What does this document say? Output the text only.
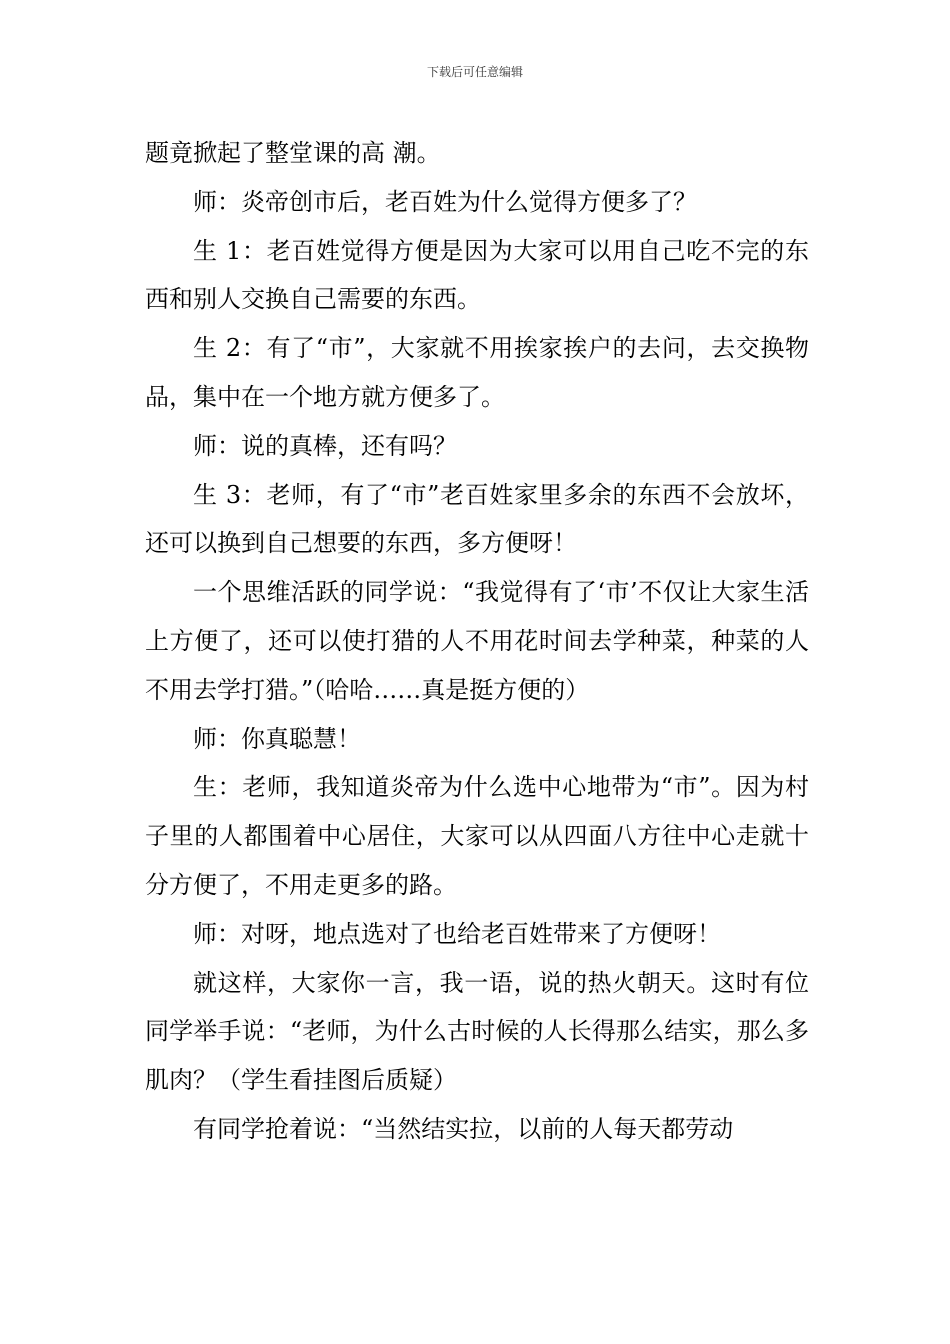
下载后可任意编辑

题竟掀起了整堂课的高 潮。

师：炎帝创市后，老百姓为什么觉得方便多了？

生 1：老百姓觉得方便是因为大家可以用自己吃不完的东西和别人交换自己需要的东西。

生 2：有了“市”，大家就不用挨家挨户的去问，去交换物品，集中在一个地方就方便多了。

师：说的真棒，还有吗？

生 3：老师，有了“市”老百姓家里多余的东西不会放坏，还可以换到自己想要的东西，多方便呀！

一个思维活跃的同学说：“我觉得有了‘市’不仅让大家生活上方便了，还可以使打猎的人不用花时间去学种菜，种菜的人不用去学打猎。”（哈哈……真是挺方便的）

师：你真聪慧！

生：老师，我知道炎帝为什么选中心地带为“市”。因为村子里的人都围着中心居住，大家可以从四面八方往中心走就十分方便了，不用走更多的路。

师：对呀，地点选对了也给老百姓带来了方便呀！

就这样，大家你一言，我一语，说的热火朝天。这时有位同学举手说：“老师，为什么古时候的人长得那么结实，那么多肌肉？（学生看挂图后质疑）

有同学抢着说：“当然结实拉，以前的人每天都劳动
